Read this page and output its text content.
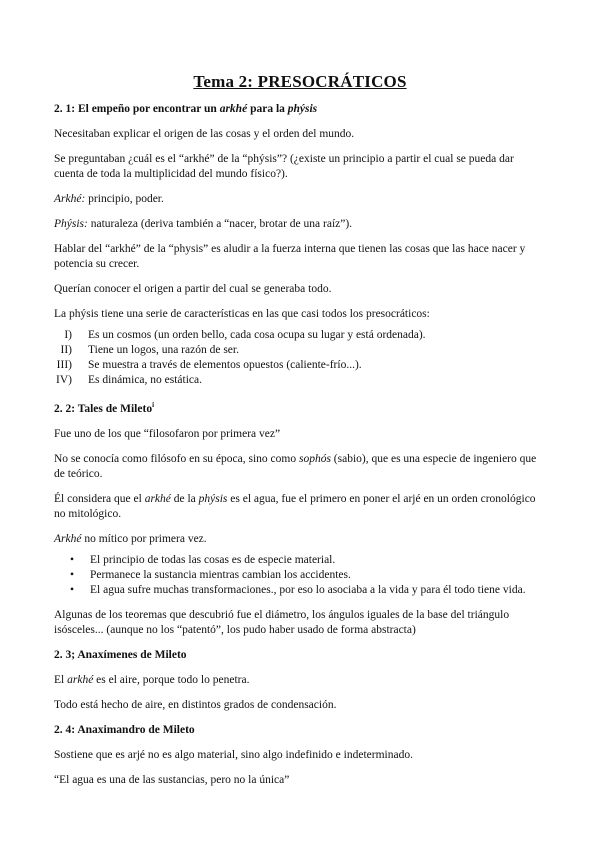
Tema 2: PRESOCRÁTICOS

2. 1: El empeño por encontrar un arkhé para la phýsis

Necesitaban explicar el origen de las cosas y el orden del mundo.

Se preguntaban ¿cuál es el “arkhé” de la “phýsis”? (¿existe un principio a partir el cual se pueda dar cuenta de toda la multiplicidad del mundo físico?).

Arkhé: principio, poder.

Phýsis: naturaleza (deriva también a “nacer, brotar de una raíz”).

Hablar del “arkhé” de la “physis” es aludir a la fuerza interna que tienen las cosas que las hace nacer y potencia su crecer.

Querían conocer el origen a partir del cual se generaba todo.

La phýsis tiene una serie de características en las que casi todos los presocráticos:

I)	Es un cosmos (un orden bello, cada cosa ocupa su lugar y está ordenada).
II)	Tiene un logos, una razón de ser.
III)	Se muestra a través de elementos opuestos (caliente-frío...).
IV)	Es dinámica, no estática.

2. 2: Tales de Mileto$^i$

Fue uno de los que “filosofaron por primera vez”

No se conocía como filósofo en su época, sino como sophós (sabio), que es una especie de ingeniero que de teórico.

Él considera que el arkhé de la phýsis es el agua, fue el primero en poner el arjé en un orden cronológico no mitológico.

Arkhé no mítico por primera vez.

•	El principio de todas las cosas es de especie material.
•	Permanece la sustancia mientras cambian los accidentes.
•	El agua sufre muchas transformaciones., por eso lo asociaba a la vida y para él todo tiene vida.

Algunas de los teoremas que descubrió fue el diámetro, los ángulos iguales de la base del triángulo isósceles... (aunque no los “patentó”, los pudo haber usado de forma abstracta)

2. 3; Anaxímenes de Mileto

El arkhé es el aire, porque todo lo penetra.

Todo está hecho de aire, en distintos grados de condensación.

2. 4: Anaximandro de Mileto

Sostiene que es arjé no es algo material, sino algo indefinido e indeterminado.

“El agua es una de las sustancias, pero no la única”
